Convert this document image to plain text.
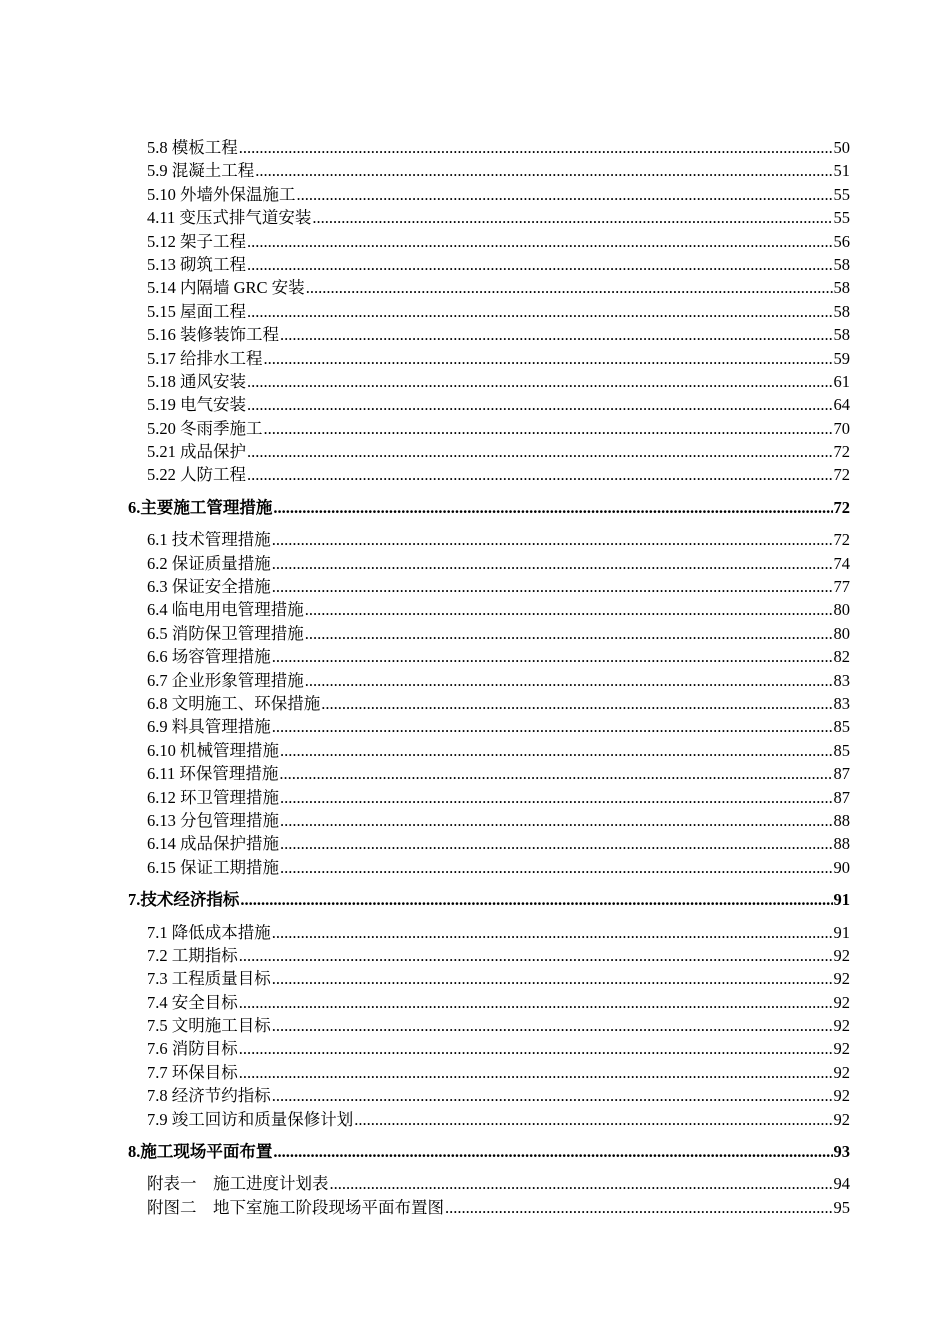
5.8 模板工程 .....	50
5.9 混凝土工程 .....	51
5.10 外墙外保温施工 .....	55
4.11 变压式排气道安装 .....	55
5.12 架子工程 .....	56
5.13 砌筑工程 .....	58
5.14 内隔墙 GRC 安装 .....	58
5.15 屋面工程 .....	58
5.16 装修装饰工程 .....	58
5.17 给排水工程 .....	59
5.18 通风安装 .....	61
5.19 电气安装 .....	64
5.20 冬雨季施工 .....	70
5.21 成品保护 .....	72
5.22 人防工程 .....	72
6.主要施工管理措施 .....	72
6.1 技术管理措施 .....	72
6.2 保证质量措施 .....	74
6.3 保证安全措施 .....	77
6.4 临电用电管理措施 .....	80
6.5 消防保卫管理措施 .....	80
6.6 场容管理措施 .....	82
6.7 企业形象管理措施 .....	83
6.8 文明施工、环保措施 .....	83
6.9 料具管理措施 .....	85
6.10 机械管理措施 .....	85
6.11 环保管理措施 .....	87
6.12 环卫管理措施 .....	87
6.13 分包管理措施 .....	88
6.14 成品保护措施 .....	88
6.15 保证工期措施 .....	90
7.技术经济指标 .....	91
7.1 降低成本措施 .....	91
7.2 工期指标 .....	92
7.3 工程质量目标 .....	92
7.4 安全目标 .....	92
7.5 文明施工目标 .....	92
7.6 消防目标 .....	92
7.7 环保目标 .....	92
7.8 经济节约指标 .....	92
7.9 竣工回访和质量保修计划 .....	92
8.施工现场平面布置 .....	93
附表一　施工进度计划表 .....	94
附图二　地下室施工阶段现场平面布置图 .....	95
